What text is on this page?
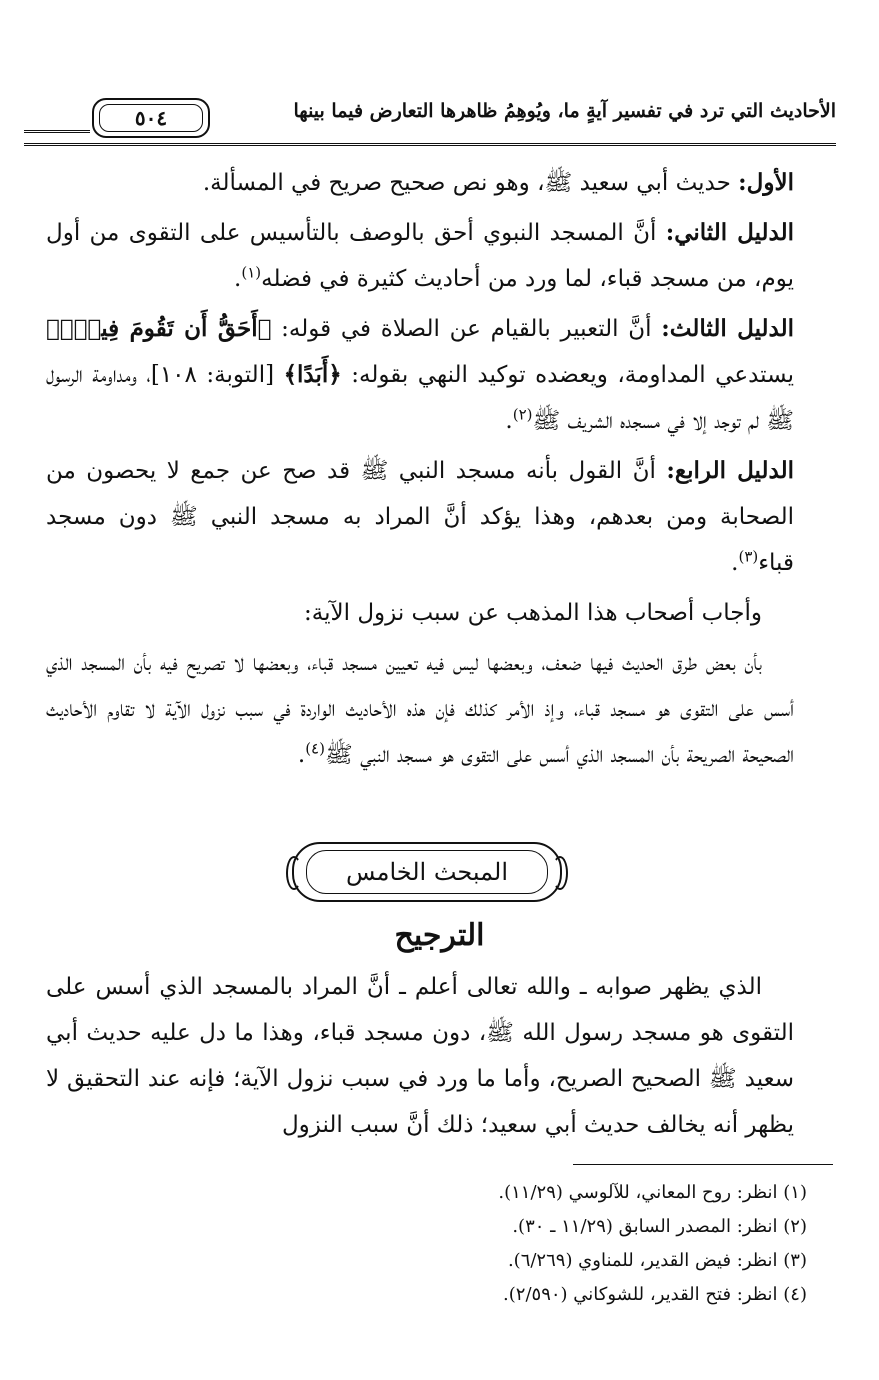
الأحاديث التي ترد في تفسير آيةٍ ما، ويُوهِمُ ظاهرها التعارض فيما بينها
٥٠٤

الأول: حديث أبي سعيد ﷺ، وهو نص صحيح صريح في المسألة.

الدليل الثاني: أنَّ المسجد النبوي أحق بالوصف بالتأسيس على التقوى من أول يوم، من مسجد قباء، لما ورد من أحاديث كثيرة في فضله$^{(١)}$.

الدليل الثالث: أنَّ التعبير بالقيام عن الصلاة في قوله: ﴿أَحَقُّ أَن تَقُومَ فِيهِۚ﴾ يستدعي المداومة، ويعضده توكيد النهي بقوله: ﴿أَبَدًا﴾ [التوبة: ١٠٨]، ومداومة الرسول ﷺ لم توجد إلا في مسجده الشريف ﷺ$^{(٢)}$.

الدليل الرابع: أنَّ القول بأنه مسجد النبي ﷺ قد صح عن جمع لا يحصون من الصحابة ومن بعدهم، وهذا يؤكد أنَّ المراد به مسجد النبي ﷺ دون مسجد قباء$^{(٣)}$.

وأجاب أصحاب هذا المذهب عن سبب نزول الآية:

بأن بعض طرق الحديث فيها ضعف، وبعضها ليس فيه تعيين مسجد قباء، وبعضها لا تصريح فيه بأن المسجد الذي أسس على التقوى هو مسجد قباء، وإذ الأمر كذلك فإن هذه الأحاديث الواردة في سبب نزول الآية لا تقاوم الأحاديث الصحيحة الصريحة بأن المسجد الذي أسس على التقوى هو مسجد النبي ﷺ$^{(٤)}$.

المبحث الخامس
الترجيح

الذي يظهر صوابه ـ والله تعالى أعلم ـ أنَّ المراد بالمسجد الذي أسس على التقوى هو مسجد رسول الله ﷺ، دون مسجد قباء، وهذا ما دل عليه حديث أبي سعيد ﷺ الصحيح الصريح، وأما ما ورد في سبب نزول الآية؛ فإنه عند التحقيق لا يظهر أنه يخالف حديث أبي سعيد؛ ذلك أنَّ سبب النزول

(١) انظر: روح المعاني، للآلوسي (١١/٢٩).
(٢) انظر: المصدر السابق (١١/٢٩ ـ ٣٠).
(٣) انظر: فيض القدير، للمناوي (٦/٢٦٩).
(٤) انظر: فتح القدير، للشوكاني (٢/٥٩٠).
